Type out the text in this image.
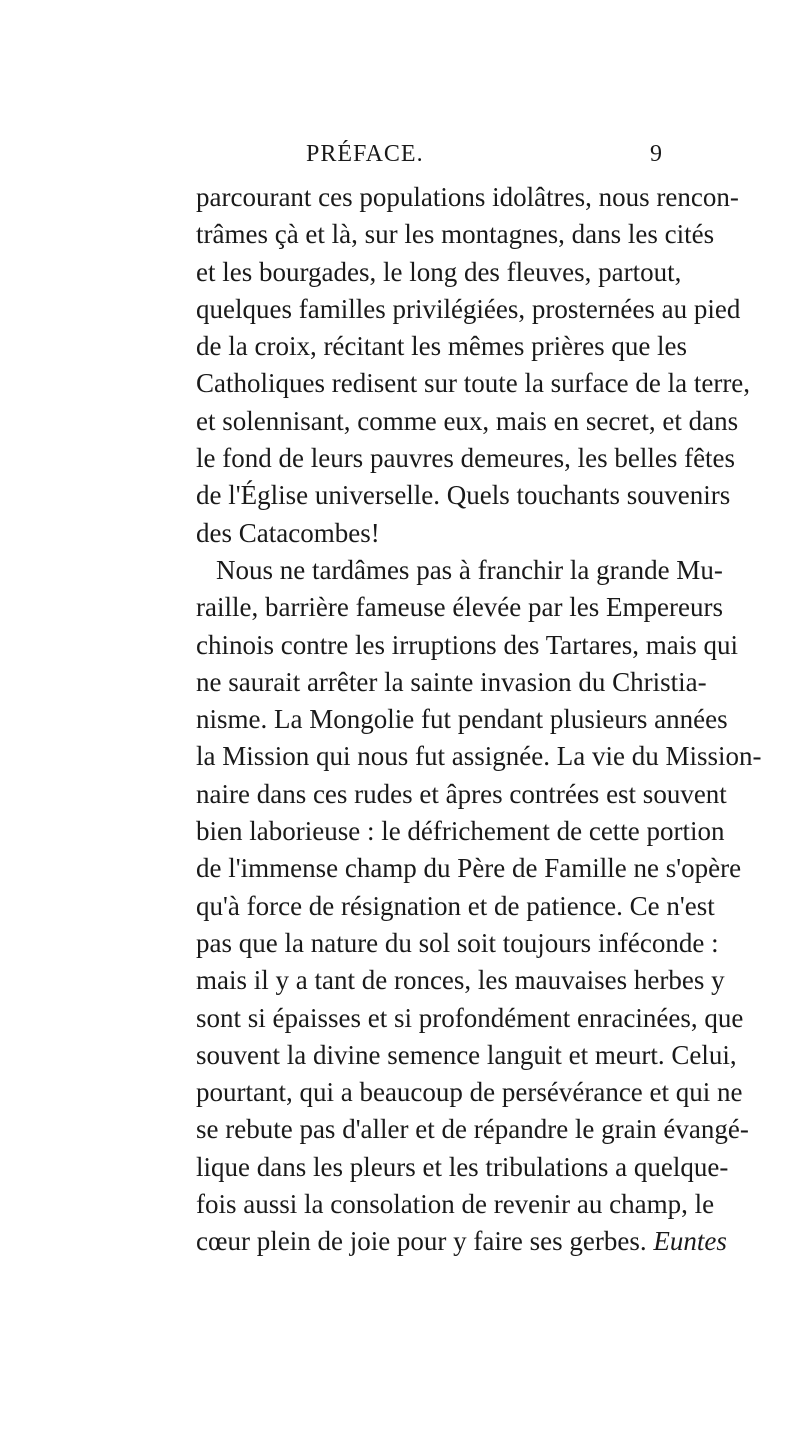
PRÉFACE.	9
parcourant ces populations idolâtres, nous rencon-
trâmes çà et là, sur les montagnes, dans les cités
et les bourgades, le long des fleuves, partout,
quelques familles privilégiées, prosternées au pied
de la croix, récitant les mêmes prières que les
Catholiques redisent sur toute la surface de la terre,
et solennisant, comme eux, mais en secret, et dans
le fond de leurs pauvres demeures, les belles fêtes
de l'Église universelle. Quels touchants souvenirs
des Catacombes!
Nous ne tardâmes pas à franchir la grande Mu-
raille, barrière fameuse élevée par les Empereurs
chinois contre les irruptions des Tartares, mais qui
ne saurait arrêter la sainte invasion du Christia-
nisme. La Mongolie fut pendant plusieurs années
la Mission qui nous fut assignée. La vie du Mission-
naire dans ces rudes et âpres contrées est souvent
bien laborieuse : le défrichement de cette portion
de l'immense champ du Père de Famille ne s'opère
qu'à force de résignation et de patience. Ce n'est
pas que la nature du sol soit toujours inféconde :
mais il y a tant de ronces, les mauvaises herbes y
sont si épaisses et si profondément enracinées, que
souvent la divine semence languit et meurt. Celui,
pourtant, qui a beaucoup de persévérance et qui ne
se rebute pas d'aller et de répandre le grain évangé-
lique dans les pleurs et les tribulations a quelque-
fois aussi la consolation de revenir au champ, le
cœur plein de joie pour y faire ses gerbes. Euntes
